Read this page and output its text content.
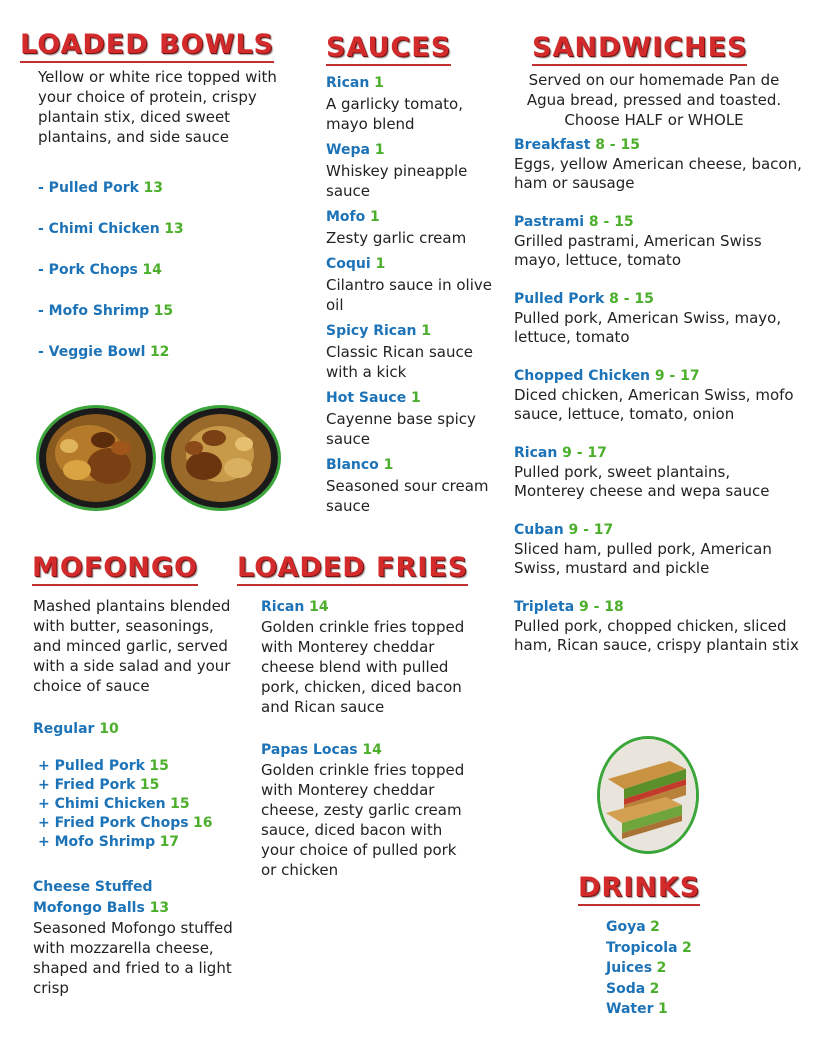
LOADED BOWLS
Yellow or white rice topped with your choice of protein, crispy plantain stix, diced sweet plantains, and side sauce
- Pulled Pork 13
- Chimi Chicken 13
- Pork Chops 14
- Mofo Shrimp 15
- Veggie Bowl 12
SAUCES
Rican 1
A garlicky tomato, mayo blend
Wepa 1
Whiskey pineapple sauce
Mofo 1
Zesty garlic cream
Coqui 1
Cilantro sauce in olive oil
Spicy Rican 1
Classic Rican sauce with a kick
Hot Sauce 1
Cayenne base spicy sauce
Blanco 1
Seasoned sour cream sauce
SANDWICHES
Served on our homemade Pan de
Agua bread, pressed and toasted.
Choose HALF or WHOLE
Breakfast 8 - 15
Eggs, yellow American cheese, bacon, ham or sausage
Pastrami 8 - 15
Grilled pastrami, American Swiss mayo, lettuce, tomato
Pulled Pork 8 - 15
Pulled pork, American Swiss, mayo, lettuce, tomato
Chopped Chicken 9 - 17
Diced chicken, American Swiss, mofo sauce, lettuce, tomato, onion
Rican 9 - 17
Pulled pork, sweet plantains, Monterey cheese and wepa sauce
Cuban 9 - 17
Sliced ham, pulled pork, American Swiss, mustard and pickle
Tripleta 9 - 18
Pulled pork, chopped chicken, sliced ham, Rican sauce, crispy plantain stix
MOFONGO
Mashed plantains blended with butter, seasonings, and minced garlic, served with a side salad and your choice of sauce
Regular 10
+ Pulled Pork 15
+ Fried Pork 15
+ Chimi Chicken 15
+ Fried Pork Chops 16
+ Mofo Shrimp 17
Cheese Stuffed
Mofongo Balls 13
Seasoned Mofongo stuffed with mozzarella cheese, shaped and fried to a light crisp
LOADED FRIES
Rican 14
Golden crinkle fries topped with Monterey cheddar cheese blend with pulled pork, chicken, diced bacon and Rican sauce
Papas Locas 14
Golden crinkle fries topped with Monterey cheddar cheese, zesty garlic cream sauce, diced bacon with your choice of pulled pork or chicken
DRINKS
Goya 2
Tropicola 2
Juices 2
Soda 2
Water 1
